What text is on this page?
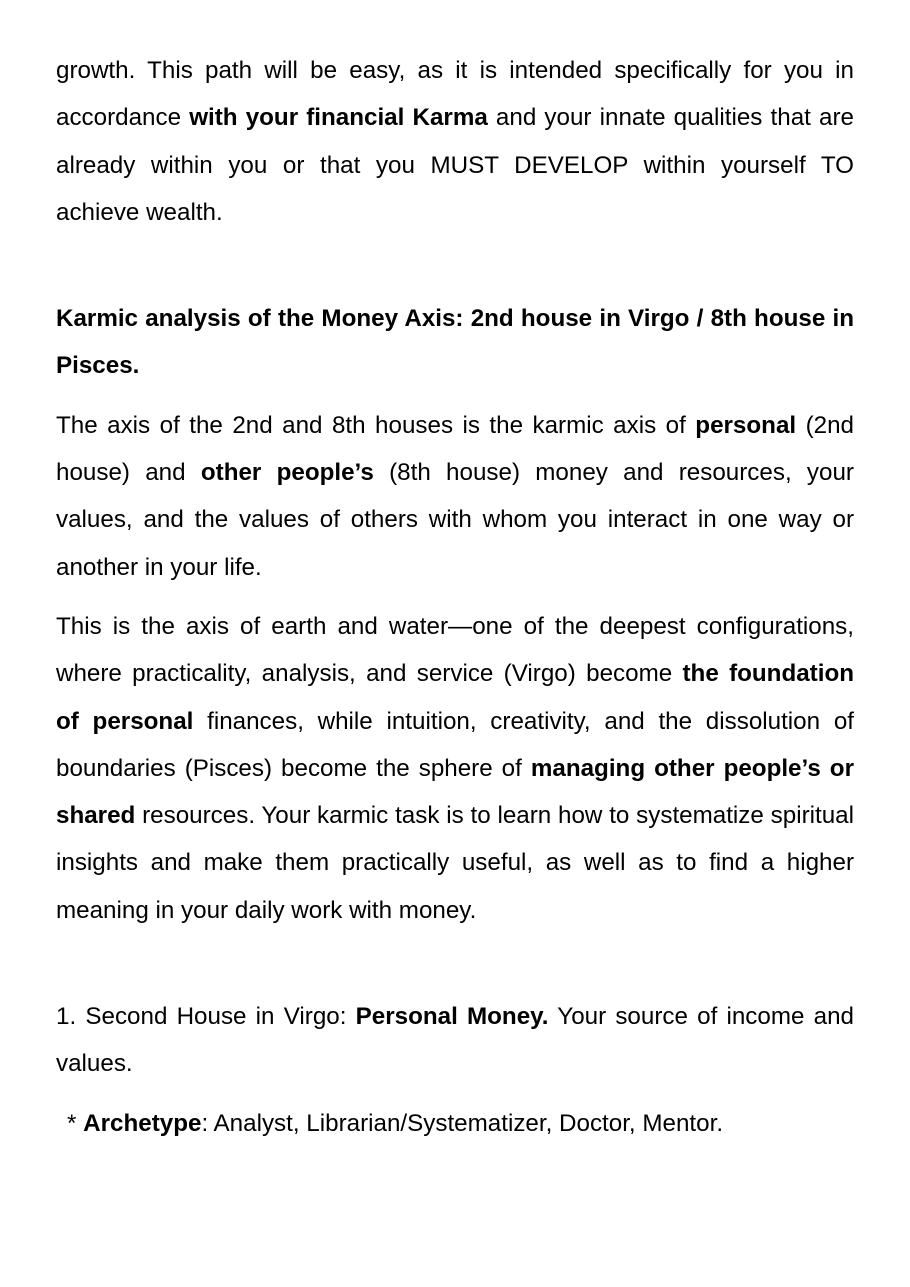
growth. This path will be easy, as it is intended specifically for you in accordance with your financial Karma and your innate qualities that are already within you or that you MUST DEVELOP within yourself TO achieve wealth.

Karmic analysis of the Money Axis: 2nd house in Virgo / 8th house in Pisces.

The axis of the 2nd and 8th houses is the karmic axis of personal (2nd house) and other people’s (8th house) money and resources, your values, and the values of others with whom you interact in one way or another in your life.

This is the axis of earth and water—one of the deepest configurations, where practicality, analysis, and service (Virgo) become the foundation of personal finances, while intuition, creativity, and the dissolution of boundaries (Pisces) become the sphere of managing other people’s or shared resources. Your karmic task is to learn how to systematize spiritual insights and make them practically useful, as well as to find a higher meaning in your daily work with money.

1. Second House in Virgo: Personal Money. Your source of income and values.

* Archetype: Analyst, Librarian/Systematizer, Doctor, Mentor.
